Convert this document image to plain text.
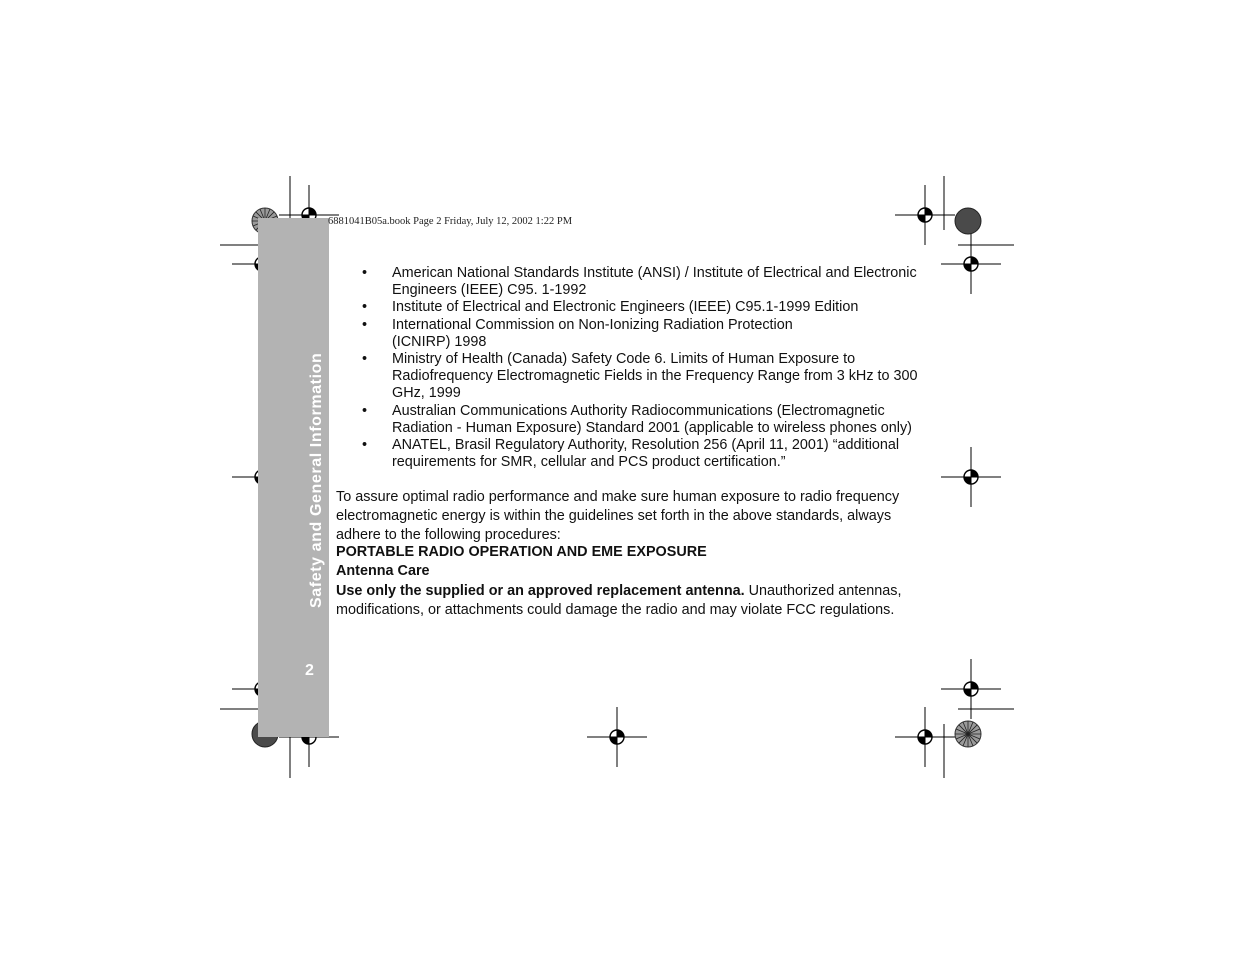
Safety and General Information
2
6881041B05a.book Page 2 Friday, July 12, 2002 1:22 PM
• American National Standards Institute (ANSI) / Institute of Electrical and Electronic Engineers (IEEE) C95. 1-1992
• Institute of Electrical and Electronic Engineers (IEEE) C95.1-1999 Edition
• International Commission on Non-Ionizing Radiation Protection (ICNIRP) 1998
• Ministry of Health (Canada) Safety Code 6. Limits of Human Exposure to Radiofrequency Electromagnetic Fields in the Frequency Range from 3 kHz to 300 GHz, 1999
• Australian Communications Authority Radiocommunications (Electromagnetic Radiation - Human Exposure) Standard 2001 (applicable to wireless phones only)
• ANATEL, Brasil Regulatory Authority, Resolution 256 (April 11, 2001) “additional requirements for SMR, cellular and PCS product certification.”

To assure optimal radio performance and make sure human exposure to radio frequency electromagnetic energy is within the guidelines set forth in the above standards, always adhere to the following procedures:

PORTABLE RADIO OPERATION AND EME EXPOSURE

Antenna Care

Use only the supplied or an approved replacement antenna. Unauthorized antennas, modifications, or attachments could damage the radio and may violate FCC regulations.
